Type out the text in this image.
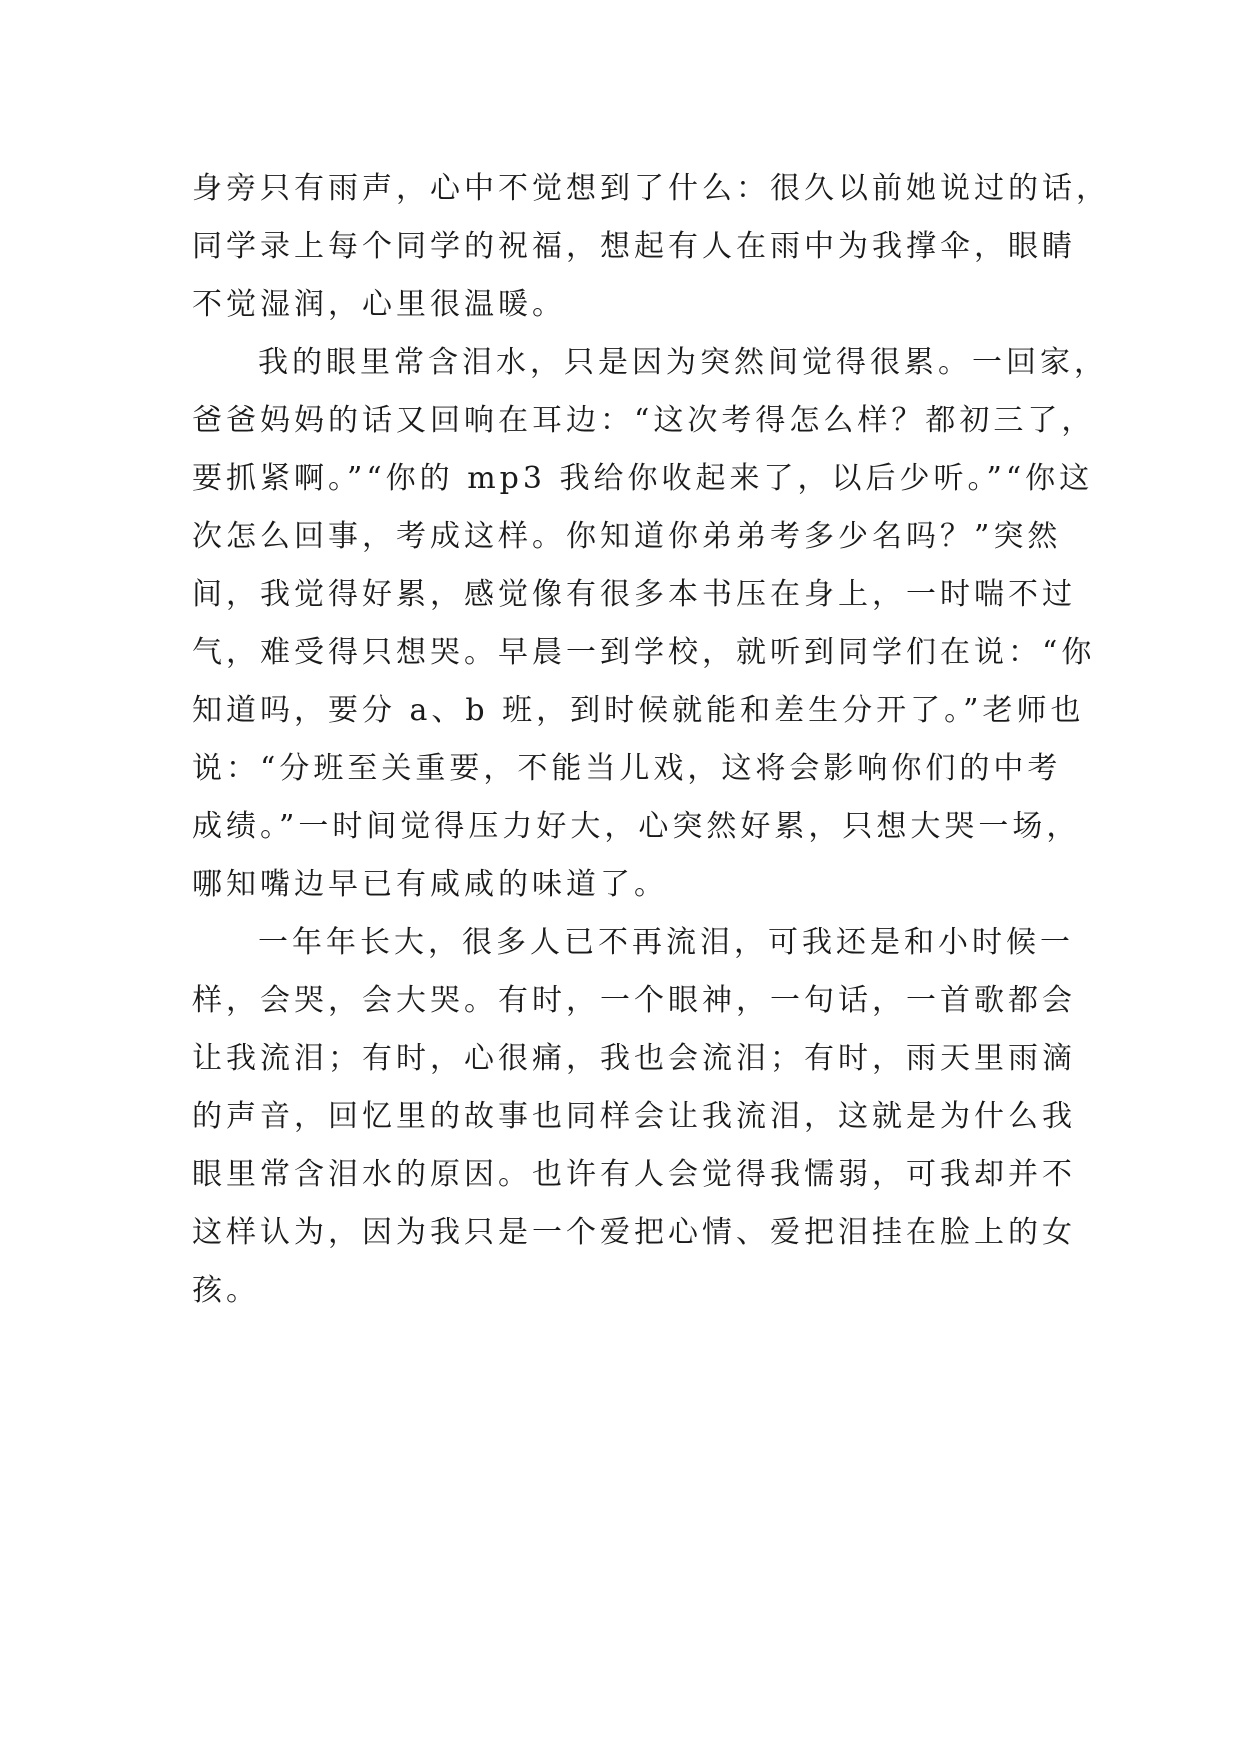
身旁只有雨声，心中不觉想到了什么：很久以前她说过的话，
同学录上每个同学的祝福，想起有人在雨中为我撑伞，眼睛
不觉湿润，心里很温暖。
我的眼里常含泪水，只是因为突然间觉得很累。一回家，
爸爸妈妈的话又回响在耳边：“这次考得怎么样？都初三了，
要抓紧啊。”“你的 mp3 我给你收起来了，以后少听。”“你这
次怎么回事，考成这样。你知道你弟弟考多少名吗？”突然
间，我觉得好累，感觉像有很多本书压在身上，一时喘不过
气，难受得只想哭。早晨一到学校，就听到同学们在说：“你
知道吗，要分 a、b 班，到时候就能和差生分开了。”老师也
说：“分班至关重要，不能当儿戏，这将会影响你们的中考
成绩。”一时间觉得压力好大，心突然好累，只想大哭一场，
哪知嘴边早已有咸咸的味道了。
一年年长大，很多人已不再流泪，可我还是和小时候一
样，会哭，会大哭。有时，一个眼神，一句话，一首歌都会
让我流泪；有时，心很痛，我也会流泪；有时，雨天里雨滴
的声音，回忆里的故事也同样会让我流泪，这就是为什么我
眼里常含泪水的原因。也许有人会觉得我懦弱，可我却并不
这样认为，因为我只是一个爱把心情、爱把泪挂在脸上的女
孩。
